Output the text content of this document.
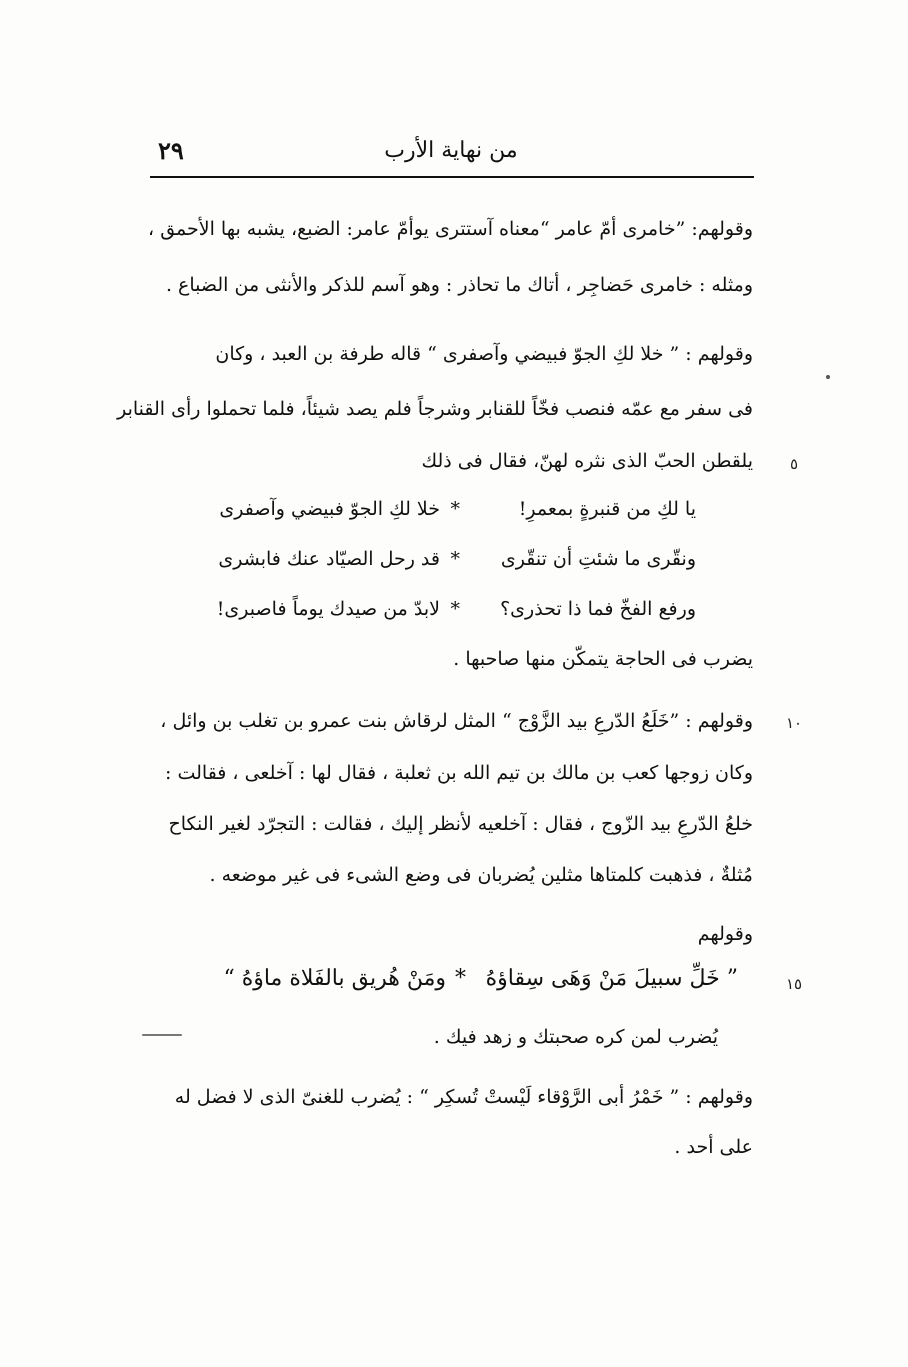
٢٩	من نهاية الأرب
وقولهم: ”خامرى أمّ عامر “معناه آستترى يوأمّ عامر: الضبع، يشبه بها الأحمق ،
ومثله : خامرى حَضاجِر ، أتاك ما تحاذر : وهو آسم للذكر والأنثى من الضباع .
وقولهم : ” خلا لكِ الجوّ فبيضي وآصفرى “ قاله طرفة بن العبد ، وكان
فى سفر مع عمّه فنصب فخّاً للقنابر وشرجاً فلم يصد شيئاً، فلما تحملوا رأى القنابر
يلقطن الحبّ الذى نثره لهنّ، فقال فى ذلك ٥
يا لكِ من قنبرةٍ بمعمرِ!
*
خلا لكِ الجوّ فبيضي وآصفرى
ونقّرى ما شئتِ أن تنقّرى
*
قد رحل الصيّاد عنك فابشرى
ورفع الفخّ فما ذا تحذرى؟
*
لابدّ من صيدك يوماً فاصبرى!
يضرب فى الحاجة يتمكّن منها صاحبها .
وقولهم : ”خَلَعُ الدّرعِ بيد الزَّوْج “ المثل لرقاش بنت عمرو بن تغلب بن وائل ، ١٠
وكان زوجها كعب بن مالك بن تيم الله بن ثعلبة ، فقال لها : آخلعى ، فقالت :
خلعُ الدّرعِ بيد الزّوج ، فقال : آخلعيه لأنظر إليك ، فقالت : التجرّد لغير النكاح
مُثلةٌ ، فذهبت كلمتاها مثلين يُضربان فى وضع الشىء فى غير موضعه .
وقولهم
” خَلِّ سبيلَ مَنْ وَهَى سِقاؤهُ
*
ومَنْ هُريق بالفَلاة ماؤهُ “	١٥
يُضرب لمن كره صحبتك و زهد فيك .
وقولهم : ” خَمْرُ أبى الرَّوْقاء لَيْستْ تُسكِر “ : يُضرب للغنىّ الذى لا فضل له
على أحد .
